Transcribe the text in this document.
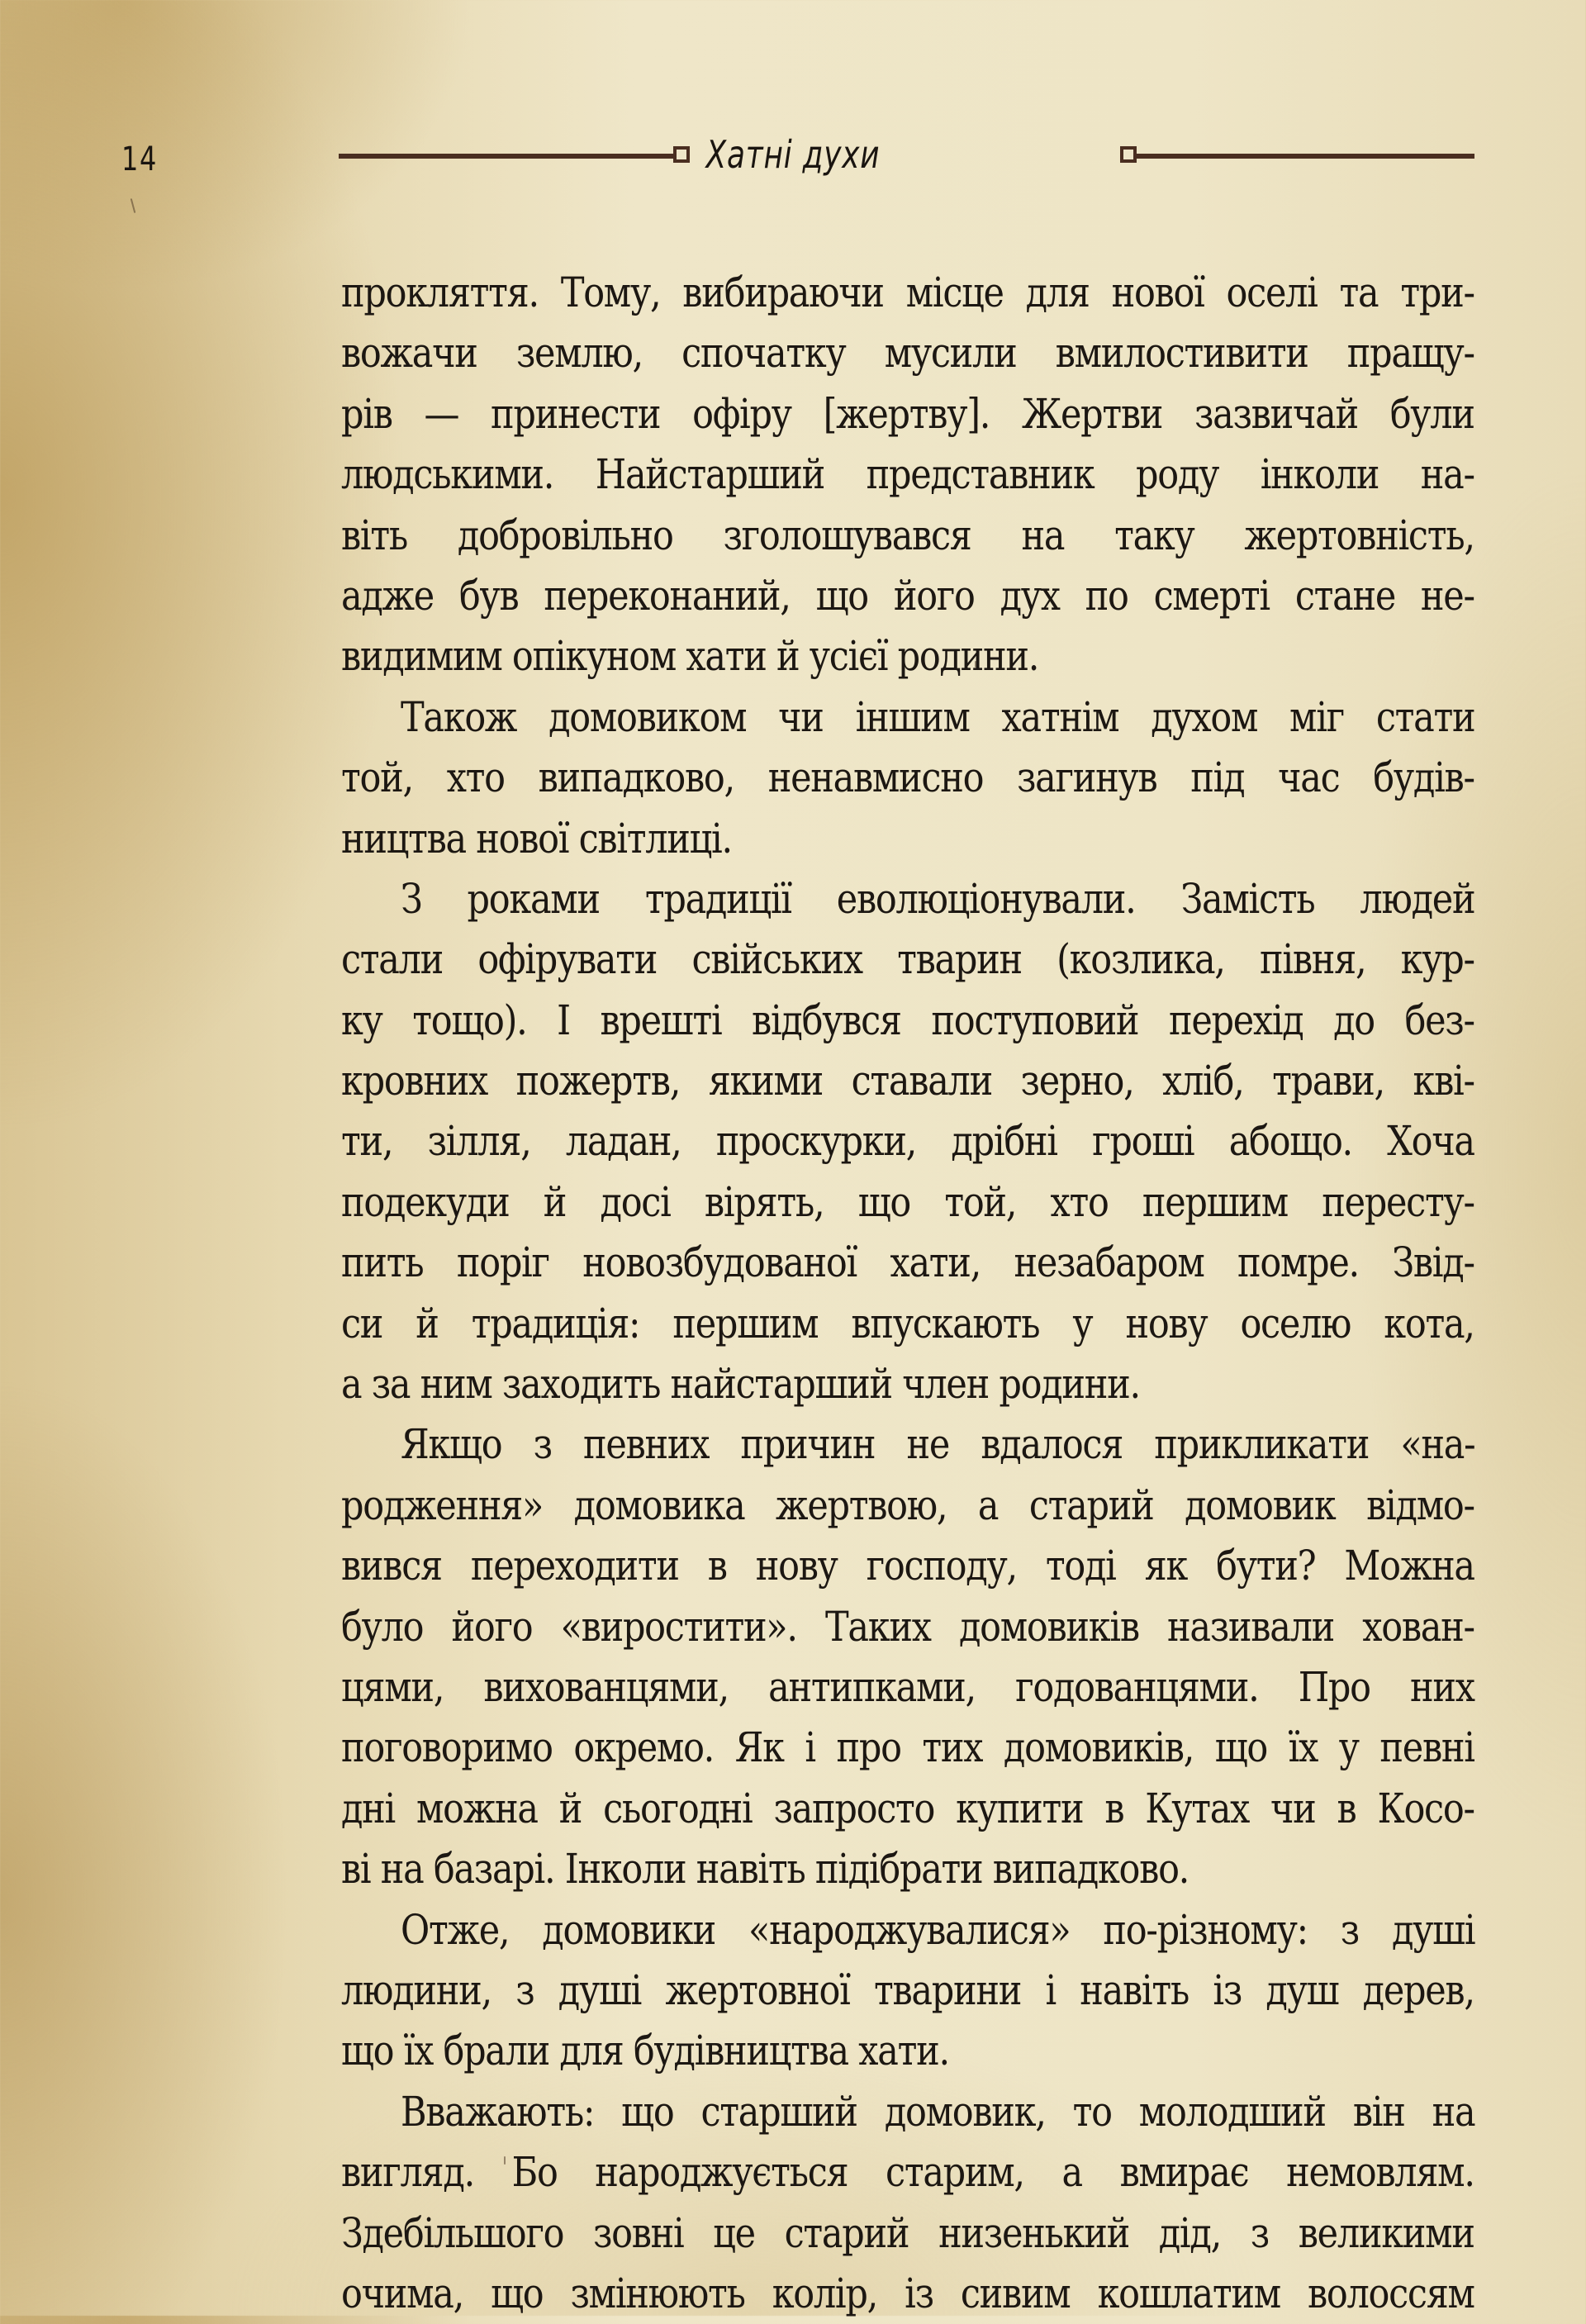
14	Хатні духи
прокляття. Тому, вибираючи місце для нової оселі та три-
вожачи землю, спочатку мусили вмилостивити пращу-
рів — принести офіру [жертву]. Жертви зазвичай були
людськими. Найстарший представник роду інколи на-
віть добровільно зголошувався на таку жертовність,
адже був переконаний, що його дух по смерті стане не-
видимим опікуном хати й усієї родини.
Також домовиком чи іншим хатнім духом міг стати
той, хто випадково, ненавмисно загинув під час будів-
ництва нової світлиці.
З роками традиції еволюціонували. Замість людей
стали офірувати свійських тварин (козлика, півня, кур-
ку тощо). І врешті відбувся поступовий перехід до без-
кровних пожертв, якими ставали зерно, хліб, трави, кві-
ти, зілля, ладан, проскурки, дрібні гроші абощо. Хоча
подекуди й досі вірять, що той, хто першим пересту-
пить поріг новозбудованої хати, незабаром помре. Звід-
си й традиція: першим впускають у нову оселю кота,
а за ним заходить найстарший член родини.
Якщо з певних причин не вдалося прикликати «на-
родження» домовика жертвою, а старий домовик відмо-
вився переходити в нову господу, тоді як бути? Можна
було його «виростити». Таких домовиків називали хован-
цями, вихованцями, антипками, годованцями. Про них
поговоримо окремо. Як і про тих домовиків, що їх у певні
дні можна й сьогодні запросто купити в Кутах чи в Косо-
ві на базарі. Інколи навіть підібрати випадково.
Отже, домовики «народжувалися» по-різному: з душі
людини, з душі жертовної тварини і навіть із душ дерев,
що їх брали для будівництва хати.
Вважають: що старший домовик, то молодший він на
вигляд. Бо народжується старим, а вмирає немовлям.
Здебільшого зовні це старий низенький дід, з великими
очима, що змінюють колір, із сивим кошлатим волоссям
